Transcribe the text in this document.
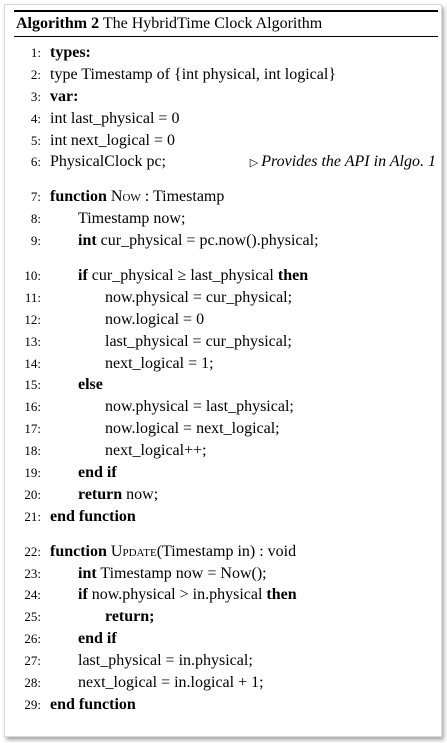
Algorithm 2 The HybridTime Clock Algorithm
1: types:
2: type Timestamp of {int physical, int logical}
3: var:
4: int last_physical = 0
5: int next_logical = 0
6: PhysicalClock pc;	▷ Provides the API in Algo. 1
7: function Now : Timestamp
8: Timestamp now;
9: int cur_physical = pc.now().physical;
10: if cur_physical ≥ last_physical then
11:	now.physical = cur_physical;
12:	now.logical = 0
13:	last_physical = cur_physical;
14:	next_logical = 1;
15: else
16:	now.physical = last_physical;
17:	now.logical = next_logical;
18:	next_logical++;
19: end if
20: return now;
21: end function
22: function Update(Timestamp in) : void
23: int Timestamp now = Now();
24: if now.physical > in.physical then
25:	return;
26: end if
27: last_physical = in.physical;
28: next_logical = in.logical + 1;
29: end function
